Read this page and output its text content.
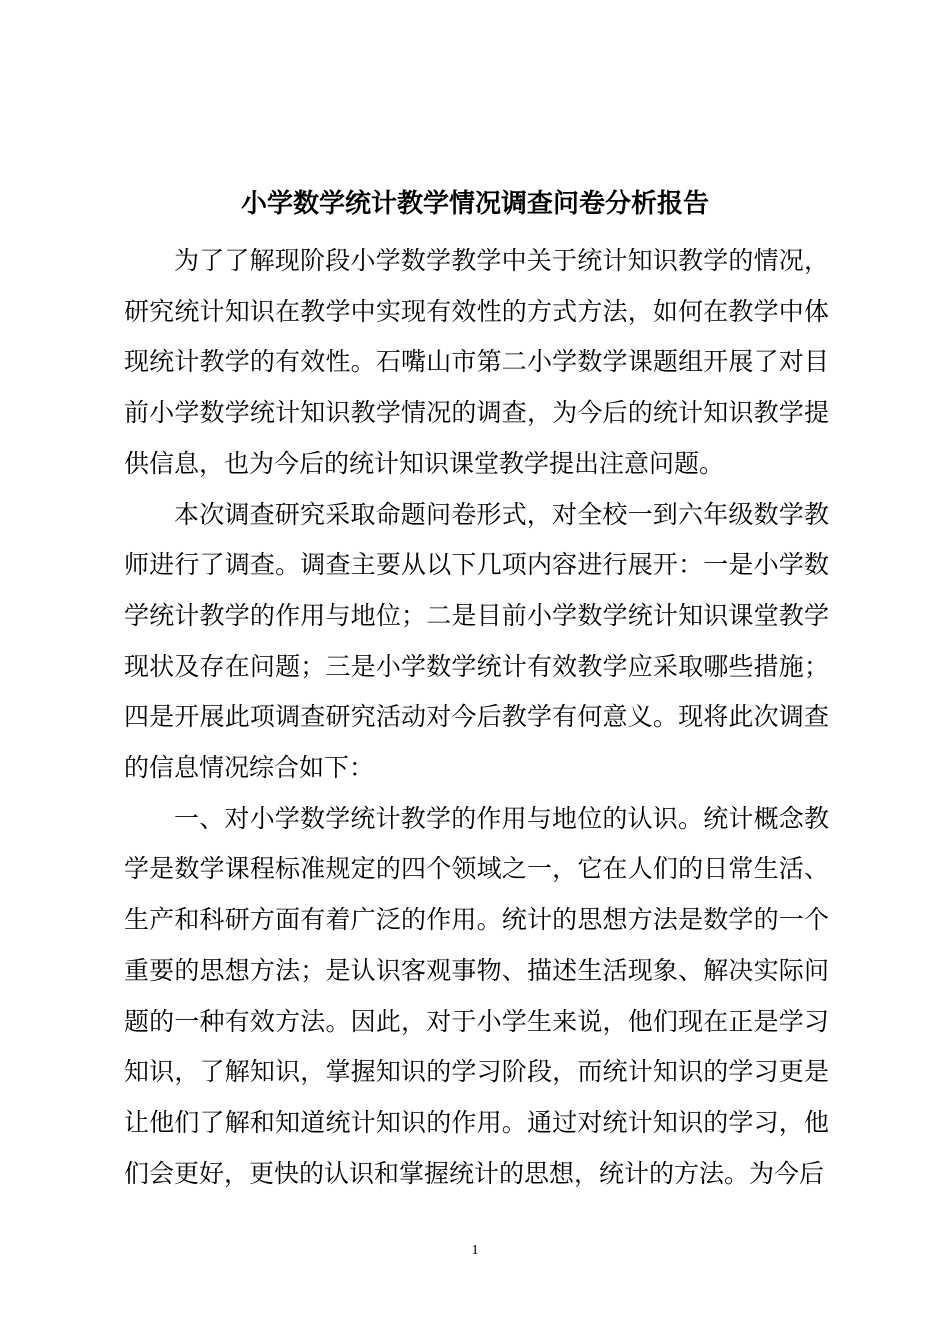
小学数学统计教学情况调查问卷分析报告

为了了解现阶段小学数学教学中关于统计知识教学的情况，研究统计知识在教学中实现有效性的方式方法，如何在教学中体现统计教学的有效性。石嘴山市第二小学数学课题组开展了对目前小学数学统计知识教学情况的调查，为今后的统计知识教学提供信息，也为今后的统计知识课堂教学提出注意问题。

本次调查研究采取命题问卷形式，对全校一到六年级数学教师进行了调查。调查主要从以下几项内容进行展开：一是小学数学统计教学的作用与地位；二是目前小学数学统计知识课堂教学现状及存在问题；三是小学数学统计有效教学应采取哪些措施；四是开展此项调查研究活动对今后教学有何意义。现将此次调查的信息情况综合如下：

一、对小学数学统计教学的作用与地位的认识。统计概念教学是数学课程标准规定的四个领域之一，它在人们的日常生活、生产和科研方面有着广泛的作用。统计的思想方法是数学的一个重要的思想方法；是认识客观事物、描述生活现象、解决实际问题的一种有效方法。因此，对于小学生来说，他们现在正是学习知识，了解知识，掌握知识的学习阶段，而统计知识的学习更是让他们了解和知道统计知识的作用。通过对统计知识的学习，他们会更好，更快的认识和掌握统计的思想，统计的方法。为今后

1
